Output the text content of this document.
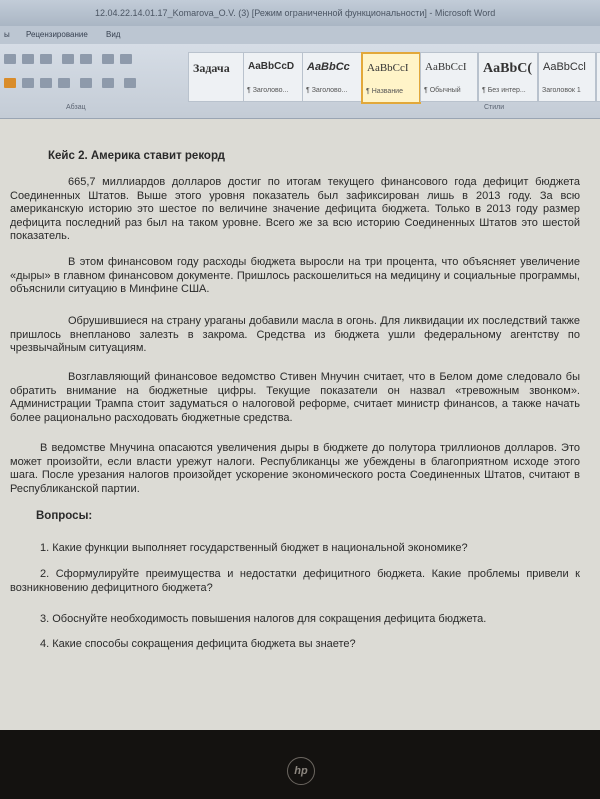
12.04.22.14.01.17_Komarova_O.V. (3) [Режим ограниченной функциональности] - Microsoft Word
ы Рецензирование Вид
Абзац
Задача AaBbCcD
¶ Заголово...
AaBbCc
¶ Заголово...
AaBbCcI
¶ Название
AaBbCcI
¶ Обычный
AaBbC(
¶ Без интер...
AaBbCcl
Заголовок 1
Стили
Кейс 2. Америка ставит рекорд
665,7 миллиардов долларов достиг по итогам текущего финансового года дефицит бюджета Соединенных Штатов. Выше этого уровня показатель был зафиксирован лишь в 2013 году. За всю американскую историю это шестое по величине значение дефицита бюджета. Только в 2013 году размер дефицита последний раз был на таком уровне. Всего же за всю историю Соединенных Штатов это шестой показатель.
В этом финансовом году расходы бюджета выросли на три процента, что объясняет увеличение «дыры» в главном финансовом документе. Пришлось раскошелиться на медицину и социальные программы, объяснили ситуацию в Минфине США.
Обрушившиеся на страну ураганы добавили масла в огонь. Для ликвидации их последствий также пришлось внепланово залезть в закрома. Средства из бюджета ушли федеральному агентству по чрезвычайным ситуациям.
Возглавляющий финансовое ведомство Стивен Мнучин считает, что в Белом доме следовало бы обратить внимание на бюджетные цифры. Текущие показатели он назвал «тревожным звонком». Администрации Трампа стоит задуматься о налоговой реформе, считает министр финансов, а также начать более рационально расходовать бюджетные средства.
В ведомстве Мнучина опасаются увеличения дыры в бюджете до полутора триллионов долларов. Это может произойти, если власти урежут налоги. Республиканцы же убеждены в благоприятном исходе этого шага. После урезания налогов произойдет ускорение экономического роста Соединенных Штатов, считают в Республиканской партии.
Вопросы:
1. Какие функции выполняет государственный бюджет в национальной экономике?
2. Сформулируйте преимущества и недостатки дефицитного бюджета. Какие проблемы привели к возникновению дефицитного бюджета?
3. Обоснуйте необходимость повышения налогов для сокращения дефицита бюджета.
4. Какие способы сокращения дефицита бюджета вы знаете?
hp
